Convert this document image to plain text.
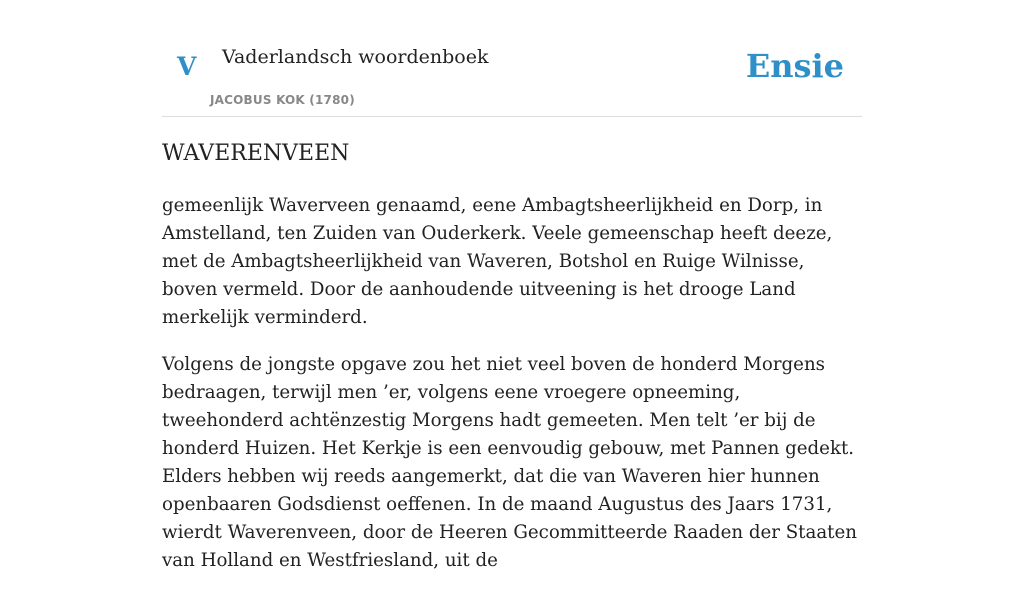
V Vaderlandsch woordenboek
JACOBUS KOK (1780)
Ensie
WAVERENVEEN

gemeenlijk Waverveen genaamd, eene Ambagtsheerlijkheid en Dorp, in Amstelland, ten Zuiden van Ouderkerk. Veele gemeenschap heeft deeze, met de Ambagtsheerlijkheid van Waveren, Botshol en Ruige Wilnisse, boven vermeld. Door de aanhoudende uitveening is het drooge Land merkelijk verminderd.

Volgens de jongste opgave zou het niet veel boven de honderd Morgens bedraagen, terwijl men ’er, volgens eene vroegere opneeming, tweehonderd achtënzestig Morgens hadt gemeeten. Men telt ’er bij de honderd Huizen. Het Kerkje is een eenvoudig gebouw, met Pannen gedekt. Elders hebben wij reeds aangemerkt, dat die van Waveren hier hunnen openbaaren Godsdienst oeffenen. In de maand Augustus des Jaars 1731, wierdt Waverenveen, door de Heeren Gecommitteerde Raaden der Staaten van Holland en Westfriesland, uit de
